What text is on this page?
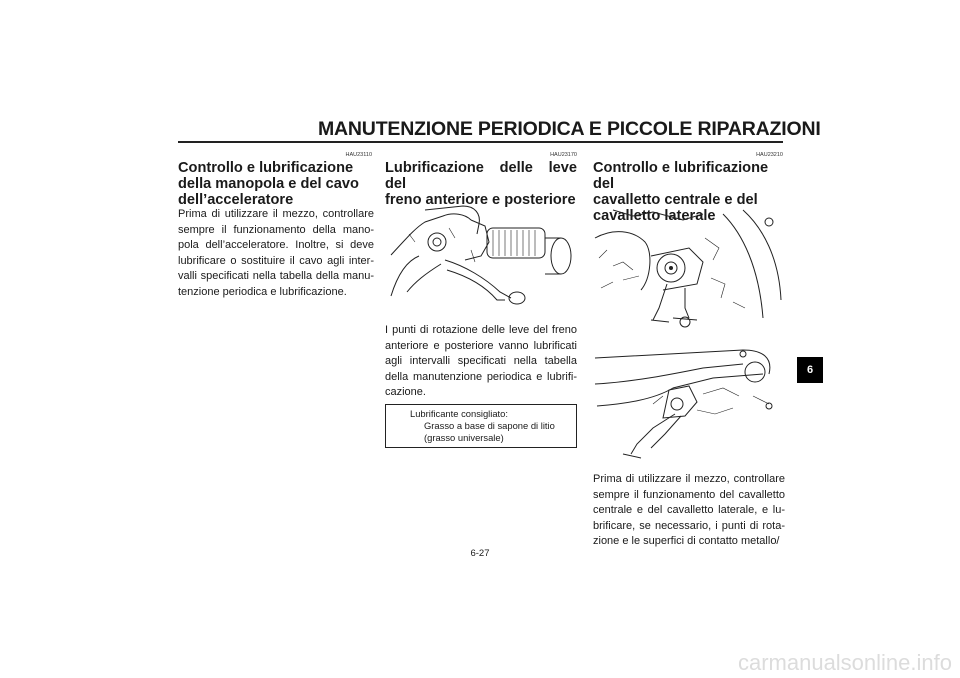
MANUTENZIONE PERIODICA E PICCOLE RIPARAZIONI
HAU23110
Controllo e lubrificazione
della manopola e del cavo
dell’acceleratore
Prima di utilizzare il mezzo, controllare
sempre il funzionamento della mano-
pola dell’acceleratore. Inoltre, si deve
lubrificare o sostituire il cavo agli inter-
valli specificati nella tabella della manu-
tenzione periodica e lubrificazione.
HAU23170
Lubrificazione delle leve del
freno anteriore e posteriore
I punti di rotazione delle leve del freno
anteriore e posteriore vanno lubrificati
agli intervalli specificati nella tabella
della manutenzione periodica e lubrifi-
cazione.
Lubrificante consigliato:
Grasso a base di sapone di litio
(grasso universale)
HAU23210
Controllo e lubrificazione del
cavalletto centrale e del
cavalletto laterale
Prima di utilizzare il mezzo, controllare
sempre il funzionamento del cavalletto
centrale e del cavalletto laterale, e lu-
brificare, se necessario, i punti di rota-
zione e le superfici di contatto metallo/
6
6-27
carmanualsonline.info
